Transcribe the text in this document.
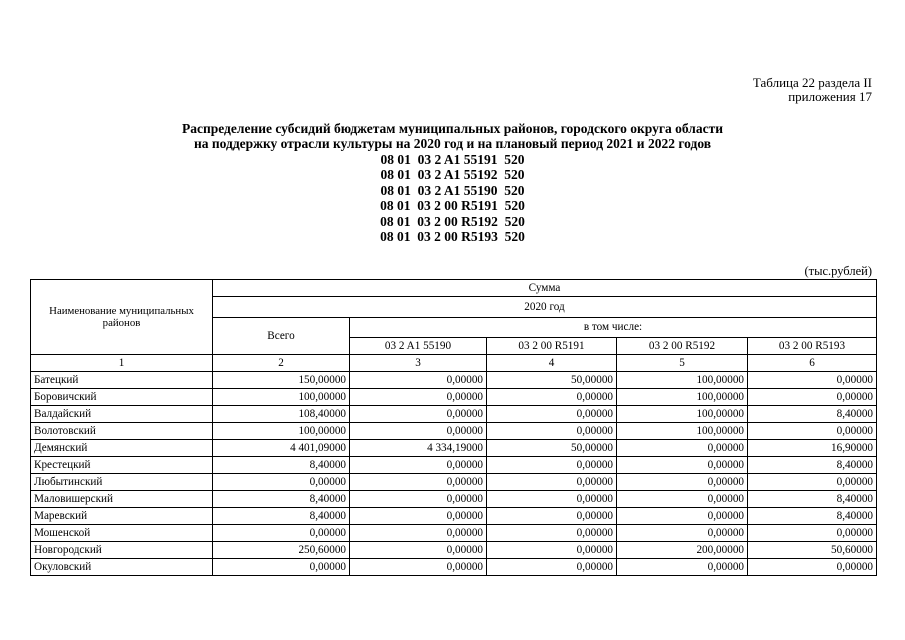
Таблица 22 раздела II
приложения 17
Распределение субсидий бюджетам муниципальных районов, городского округа области
на поддержку отрасли культуры на 2020 год и на плановый период 2021 и 2022 годов
08 01  03 2 A1 55191  520
08 01  03 2 A1 55192  520
08 01  03 2 A1 55190  520
08 01  03 2 00 R5191  520
08 01  03 2 00 R5192  520
08 01  03 2 00 R5193  520
(тыс.рублей)
Наименование муниципальных районов	Сумма				
	2020 год				
	Всего	в том числе:			
		03 2 A1 55190	03 2 00 R5191	03 2 00 R5192	03 2 00 R5193
1	2	3	4	5	6
Батецкий	150,00000	0,00000	50,00000	100,00000	0,00000
Боровичский	100,00000	0,00000	0,00000	100,00000	0,00000
Валдайский	108,40000	0,00000	0,00000	100,00000	8,40000
Волотовский	100,00000	0,00000	0,00000	100,00000	0,00000
Демянский	4 401,09000	4 334,19000	50,00000	0,00000	16,90000
Крестецкий	8,40000	0,00000	0,00000	0,00000	8,40000
Любытинский	0,00000	0,00000	0,00000	0,00000	0,00000
Маловишерский	8,40000	0,00000	0,00000	0,00000	8,40000
Маревский	8,40000	0,00000	0,00000	0,00000	8,40000
Мошенской	0,00000	0,00000	0,00000	0,00000	0,00000
Новгородский	250,60000	0,00000	0,00000	200,00000	50,60000
Окуловский	0,00000	0,00000	0,00000	0,00000	0,00000
